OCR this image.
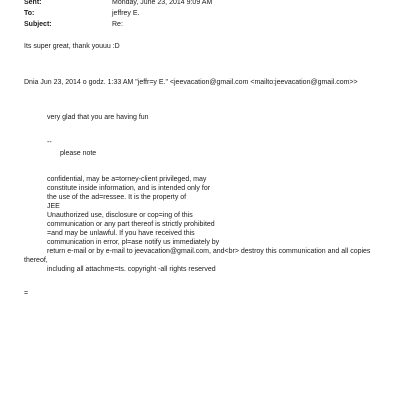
Sent:	Monday, June 23, 2014 9:09 AM
To:	jeffrey E.
Subject:	Re:
Its super great, thank youuu :D
Dnia Jun 23, 2014 o godz. 1:33 AM "jeffr=y E." <jeevacation@gmail.com <mailto:jeevacation@gmail.com>>
very glad that you are having fun
--
please note
confidential, may be a=torney-client privileged, may
constitute inside information, and is intended only for
the use of the ad=ressee. It is the property of
JEE
Unauthorized use, disclosure or cop=ing of this
communication or any part thereof is strictly prohibited
=and may be unlawful. If you have received this
communication in error, pl=ase notify us immediately by
return e-mail or by e-mail to jeevacation@gmail.com, and<br> destroy this communication and all copies
thereof,
including all attachme=ts. copyright -all rights reserved
=
